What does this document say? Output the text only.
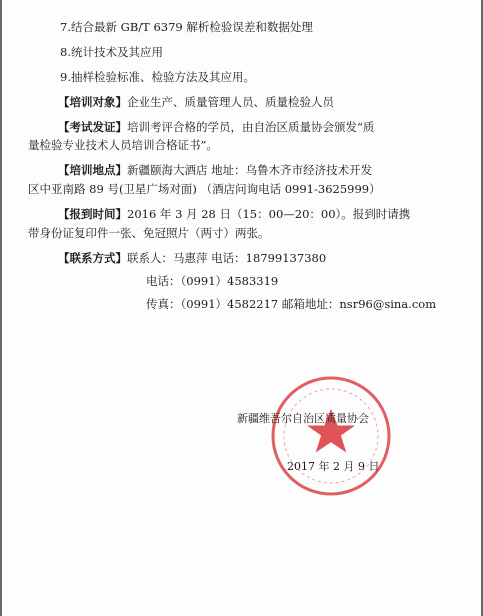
7.结合最新 GB/T 6379 解析检验误差和数据处理
8.统计技术及其应用
9.抽样检验标准、检验方法及其应用。
【培训对象】企业生产、质量管理人员、质量检验人员
【考试发证】培训考评合格的学员，由自治区质量协会颁发“质
量检验专业技术人员培训合格证书”。
【培训地点】新疆颐海大酒店 地址：乌鲁木齐市经济技术开发
区中亚南路 89 号(卫星广场对面) （酒店问询电话 0991-3625999）
【报到时间】2016 年 3 月 28 日（15：00—20：00）。报到时请携
带身份证复印件一张、免冠照片（两寸）两张。
【联系方式】联系人：马惠萍 电话：18799137380
电话：（0991）4583319
传真：（0991）4582217 邮箱地址：nsr96@sina.com
新疆维吾尔自治区质量协会
2017 年 2 月 9 日
